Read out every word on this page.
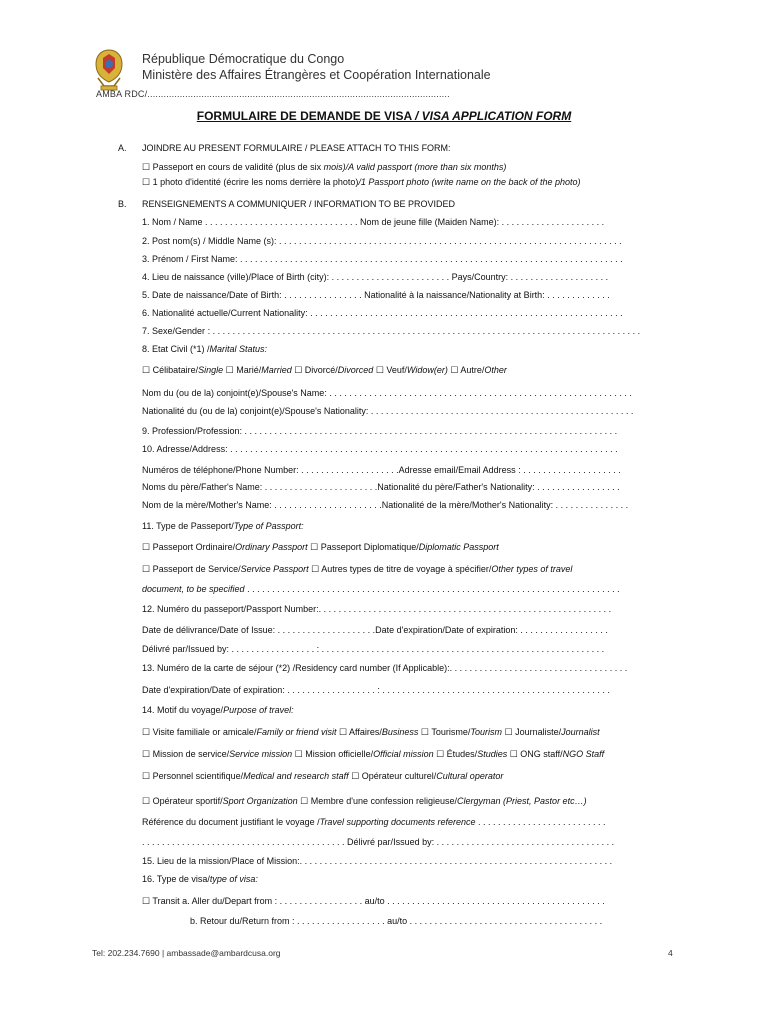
République Démocratique du Congo
Ministère des Affaires Étrangères et Coopération Internationale
AMBA RDC/................................................................................................................
FORMULAIRE DE DEMANDE DE VISA / VISA APPLICATION FORM
A. JOINDRE AU PRESENT FORMULAIRE / PLEASE ATTACH TO THIS FORM:
B. RENSEIGNEMENTS A COMMUNIQUER / INFORMATION TO BE PROVIDED
☐ Passeport en cours de validité (plus de six mois)/A valid passport (more than six months)
☐ 1 photo d'identité (écrire les noms derrière la photo)/1 Passport photo (write name on the back of the photo)
1. Nom / Name . . . . . . . . . . . . . . . . . . . . . . . . . . . . . . . Nom de jeune fille (Maiden Name): . . . . . . . . . . . . . . . . . . . . .
2. Post nom(s) / Middle Name (s): . . . . . . . . . . . . . . . . . . . . . . . . . . . . . . . . . . . . . . . . . . . . . . . . . . . . . . . . . . . . . . . . . . . . .
3. Prénom / First Name: . . . . . . . . . . . . . . . . . . . . . . . . . . . . . . . . . . . . . . . . . . . . . . . . . . . . . . . . . . . . . . . . . . . . . . . . . . . . .
4. Lieu de naissance (ville)/Place of Birth (city): . . . . . . . . . . . . . . . . . . . . . . . . Pays/Country: . . . . . . . . . . . . . . . . . . . .
5. Date de naissance/Date of Birth: . . . . . . . . . . . . . . . . Nationalité à la naissance/Nationality at Birth: . . . . . . . . . . . . .
6. Nationalité actuelle/Current Nationality: . . . . . . . . . . . . . . . . . . . . . . . . . . . . . . . . . . . . . . . . . . . . . . . . . . . . . . . . . . . . . . .
7. Sexe/Gender : . . . . . . . . . . . . . . . . . . . . . . . . . . . . . . . . . . . . . . . . . . . . . . . . . . . . . . . . . . . . . . . . . . . . . . . . . . . . . . . . . . . . . .
8. Etat Civil (*1) /Marital Status:
☐ Célibataire/Single ☐ Marié/Married ☐ Divorcé/Divorced ☐ Veuf/Widow(er) ☐ Autre/Other
Nom du (ou de la) conjoint(e)/Spouse's Name: . . . . . . . . . . . . . . . . . . . . . . . . . . . . . . . . . . . . . . . . . . . . . . . . . . . . . . . . . . . . .
Nationalité du (ou de la) conjoint(e)/Spouse's Nationality: . . . . . . . . . . . . . . . . . . . . . . . . . . . . . . . . . . . . . . . . . . . . . . . . . . . . .
9. Profession/Profession: . . . . . . . . . . . . . . . . . . . . . . . . . . . . . . . . . . . . . . . . . . . . . . . . . . . . . . . . . . . . . . . . . . . . . . . . . . .
10. Adresse/Address: . . . . . . . . . . . . . . . . . . . . . . . . . . . . . . . . . . . . . . . . . . . . . . . . . . . . . . . . . . . . . . . . . . . . . . . . . . . . . .
Numéros de téléphone/Phone Number: . . . . . . . . . . . . . . . . . . . .Adresse email/Email Address : . . . . . . . . . . . . . . . . . . . .
Noms du père/Father's Name: . . . . . . . . . . . . . . . . . . . . . . .Nationalité du père/Father's Nationality: . . . . . . . . . . . . . . . . .
Nom de la mère/Mother's Name: . . . . . . . . . . . . . . . . . . . . . .Nationalité de la mère/Mother's Nationality: . . . . . . . . . . . . . . .
11. Type de Passeport/Type of Passport:
☐ Passeport Ordinaire/Ordinary Passport ☐ Passeport Diplomatique/Diplomatic Passport
☐ Passeport de Service/Service Passport ☐ Autres types de titre de voyage à spécifier/Other types of travel
document, to be specified . . . . . . . . . . . . . . . . . . . . . . . . . . . . . . . . . . . . . . . . . . . . . . . . . . . . . . . . . . . . . . . . . . . . . . . . . . .
12. Numéro du passeport/Passport Number:. . . . . . . . . . . . . . . . . . . . . . . . . . . . . . . . . . . . . . . . . . . . . . . . . . . . . . . . . . .
Date de délivrance/Date of Issue: . . . . . . . . . . . . . . . . . . . .Date d'expiration/Date of expiration: . . . . . . . . . . . . . . . . . .
Délivré par/Issued by: . . . . . . . . . . . . . . . . . : . . . . . . . . . . . . . . . . . . . . . . . . . . . . . . . . . . . . . . . . . . . . . . . . . . . . . . . . .
13. Numéro de la carte de séjour (*2) /Residency card number (If Applicable):. . . . . . . . . . . . . . . . . . . . . . . . . . . . . . . . . . . .
Date d'expiration/Date of expiration: . . . . . . . . . . . . . . . . . . : . . . . . . . . . . . . . . . . . . . . . . . . . . . . . . . . . . . . . . . . . . . . . .
14. Motif du voyage/Purpose of travel:
☐ Visite familiale or amicale/Family or friend visit ☐ Affaires/Business ☐ Tourisme/Tourism ☐ Journaliste/Journalist
☐ Mission de service/Service mission ☐ Mission officielle/Official mission ☐ Études/Studies ☐ ONG staff/NGO Staff
☐ Personnel scientifique/Medical and research staff ☐ Opérateur culturel/Cultural operator
☐ Opérateur sportif/Sport Organization ☐ Membre d'une confession religieuse/Clergyman (Priest, Pastor etc…)
Référence du document justifiant le voyage /Travel supporting documents reference . . . . . . . . . . . . . . . . . . . . . . . . . .
. . . . . . . . . . . . . . . . . . . . . . . . . . . . . . . . . . . . . . . . . Délivré par/Issued by: . . . . . . . . . . . . . . . . . . . . . . . . . . . . . . . . . . . .
15. Lieu de la mission/Place of Mission:. . . . . . . . . . . . . . . . . . . . . . . . . . . . . . . . . . . . . . . . . . . . . . . . . . . . . . . . . . . . . . .
16. Type de visa/type of visa:
☐ Transit a. Aller du/Depart from : . . . . . . . . . . . . . . . . . au/to . . . . . . . . . . . . . . . . . . . . . . . . . . . . . . . . . . . . . . . . . . . .
b. Retour du/Return from : . . . . . . . . . . . . . . . . . . au/to . . . . . . . . . . . . . . . . . . . . . . . . . . . . . . . . . . . . . . .
Tel: 202.234.7690 | ambassade@ambardcusa.org	4
